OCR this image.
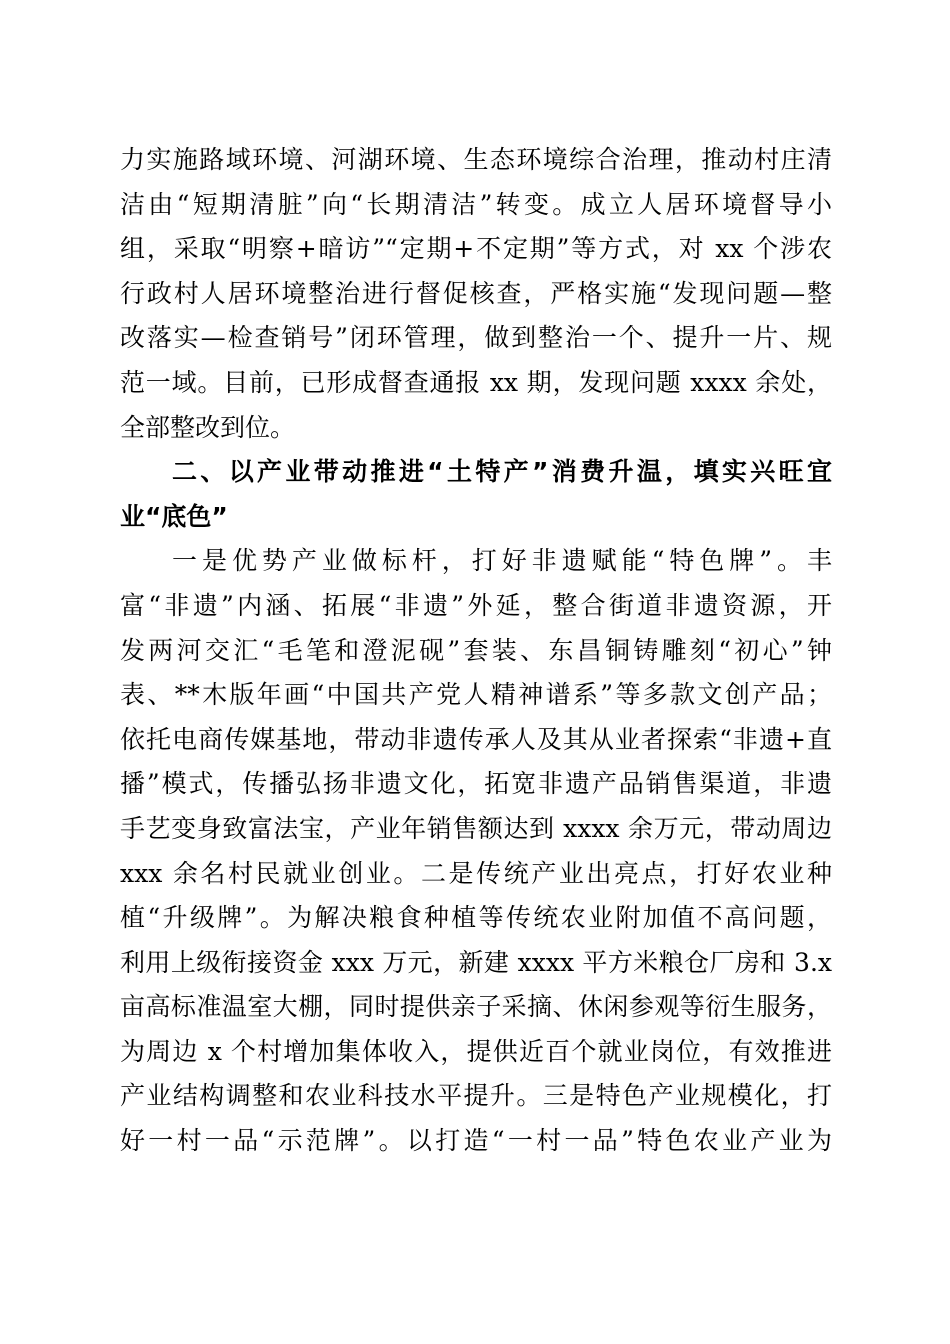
力实施路域环境、河湖环境、生态环境综合治理，推动村庄清
洁由“短期清脏”向“长期清洁”转变。成立人居环境督导小
组，采取“明察+暗访”“定期+不定期”等方式，对 xx 个涉农
行政村人居环境整治进行督促核查，严格实施“发现问题—整
改落实—检查销号”闭环管理，做到整治一个、提升一片、规
范一域。目前，已形成督查通报 xx 期，发现问题 xxxx 余处，
全部整改到位。
二、以产业带动推进“土特产”消费升温，填实兴旺宜
业“底色”
一是优势产业做标杆，打好非遗赋能“特色牌”。丰
富“非遗”内涵、拓展“非遗”外延，整合街道非遗资源，开
发两河交汇“毛笔和澄泥砚”套装、东昌铜铸雕刻“初心”钟
表、**木版年画“中国共产党人精神谱系”等多款文创产品；
依托电商传媒基地，带动非遗传承人及其从业者探索“非遗+直
播”模式，传播弘扬非遗文化，拓宽非遗产品销售渠道，非遗
手艺变身致富法宝，产业年销售额达到 xxxx 余万元，带动周边
xxx 余名村民就业创业。二是传统产业出亮点，打好农业种
植“升级牌”。为解决粮食种植等传统农业附加值不高问题，
利用上级衔接资金 xxx 万元，新建 xxxx 平方米粮仓厂房和 3.x
亩高标准温室大棚，同时提供亲子采摘、休闲参观等衍生服务，
为周边 x 个村增加集体收入，提供近百个就业岗位，有效推进
产业结构调整和农业科技水平提升。三是特色产业规模化，打
好一村一品“示范牌”。以打造“一村一品”特色农业产业为
